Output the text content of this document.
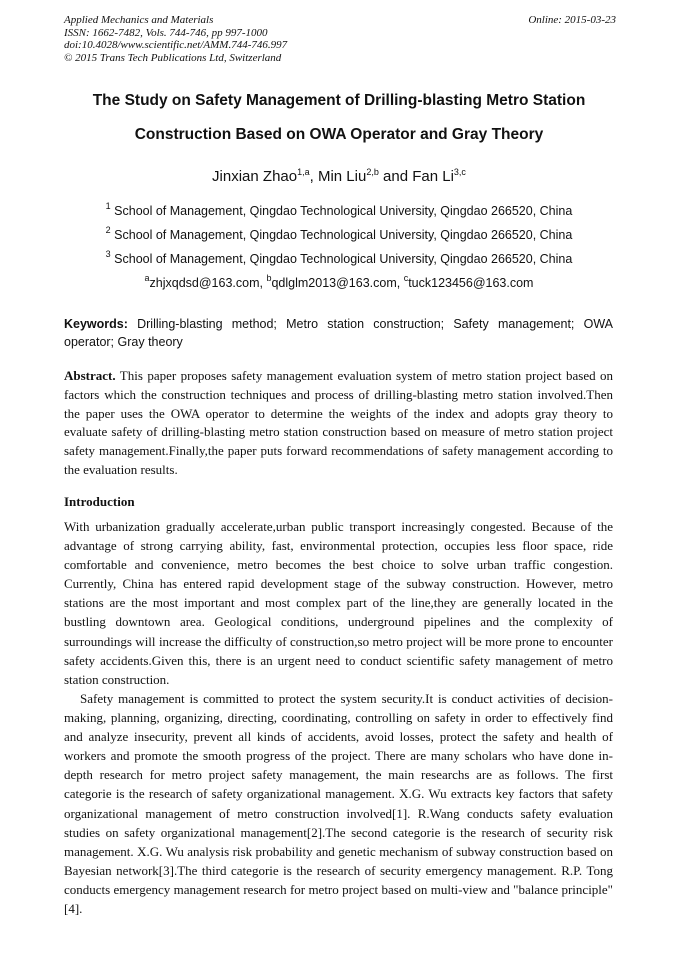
Applied Mechanics and Materials
ISSN: 1662-7482, Vols. 744-746, pp 997-1000
doi:10.4028/www.scientific.net/AMM.744-746.997
© 2015 Trans Tech Publications Ltd, Switzerland
Online: 2015-03-23
The Study on Safety Management of Drilling-blasting Metro Station
Construction Based on OWA Operator and Gray Theory
Jinxian Zhao$^{1,a}$, Min Liu$^{2,b}$ and Fan Li$^{3,c}$
$^1$ School of Management, Qingdao Technological University, Qingdao 266520, China
$^2$ School of Management, Qingdao Technological University, Qingdao 266520, China
$^3$ School of Management, Qingdao Technological University, Qingdao 266520, China
$^a$zhjxqdsd@163.com, $^b$qdlglm2013@163.com, $^c$tuck123456@163.com
Keywords: Drilling-blasting method; Metro station construction; Safety management; OWA operator; Gray theory
Abstract. This paper proposes safety management evaluation system of metro station project based on factors which the construction techniques and process of drilling-blasting metro station involved.Then the paper uses the OWA operator to determine the weights of the index and adopts gray theory to evaluate safety of drilling-blasting metro station construction based on measure of metro station project safety management.Finally,the paper puts forward recommendations of safety management according to the evaluation results.
Introduction
With urbanization gradually accelerate,urban public transport increasingly congested. Because of the advantage of strong carrying ability, fast, environmental protection, occupies less floor space, ride comfortable and convenience, metro becomes the best choice to solve urban traffic congestion. Currently, China has entered rapid development stage of the subway construction. However, metro stations are the most important and most complex part of the line,they are generally located in the bustling downtown area. Geological conditions, underground pipelines and the complexity of surroundings will increase the difficulty of construction,so metro project will be more prone to encounter safety accidents.Given this, there is an urgent need to conduct scientific safety management of metro station construction.
Safety management is committed to protect the system security.It is conduct activities of decision-making, planning, organizing, directing, coordinating, controlling on safety in order to effectively find and analyze insecurity, prevent all kinds of accidents, avoid losses, protect the safety and health of workers and promote the smooth progress of the project. There are many scholars who have done in-depth research for metro project safety management, the main researchs are as follows. The first categorie is the research of safety organizational management. X.G. Wu extracts key factors that safety organizational management of metro construction involved[1]. R.Wang conducts safety evaluation studies on safety organizational management[2].The second categorie is the research of security risk management. X.G. Wu analysis risk probability and genetic mechanism of subway construction based on Bayesian network[3].The third categorie is the research of security emergency management. R.P. Tong conducts emergency management research for metro project based on multi-view and "balance principle"[4].
